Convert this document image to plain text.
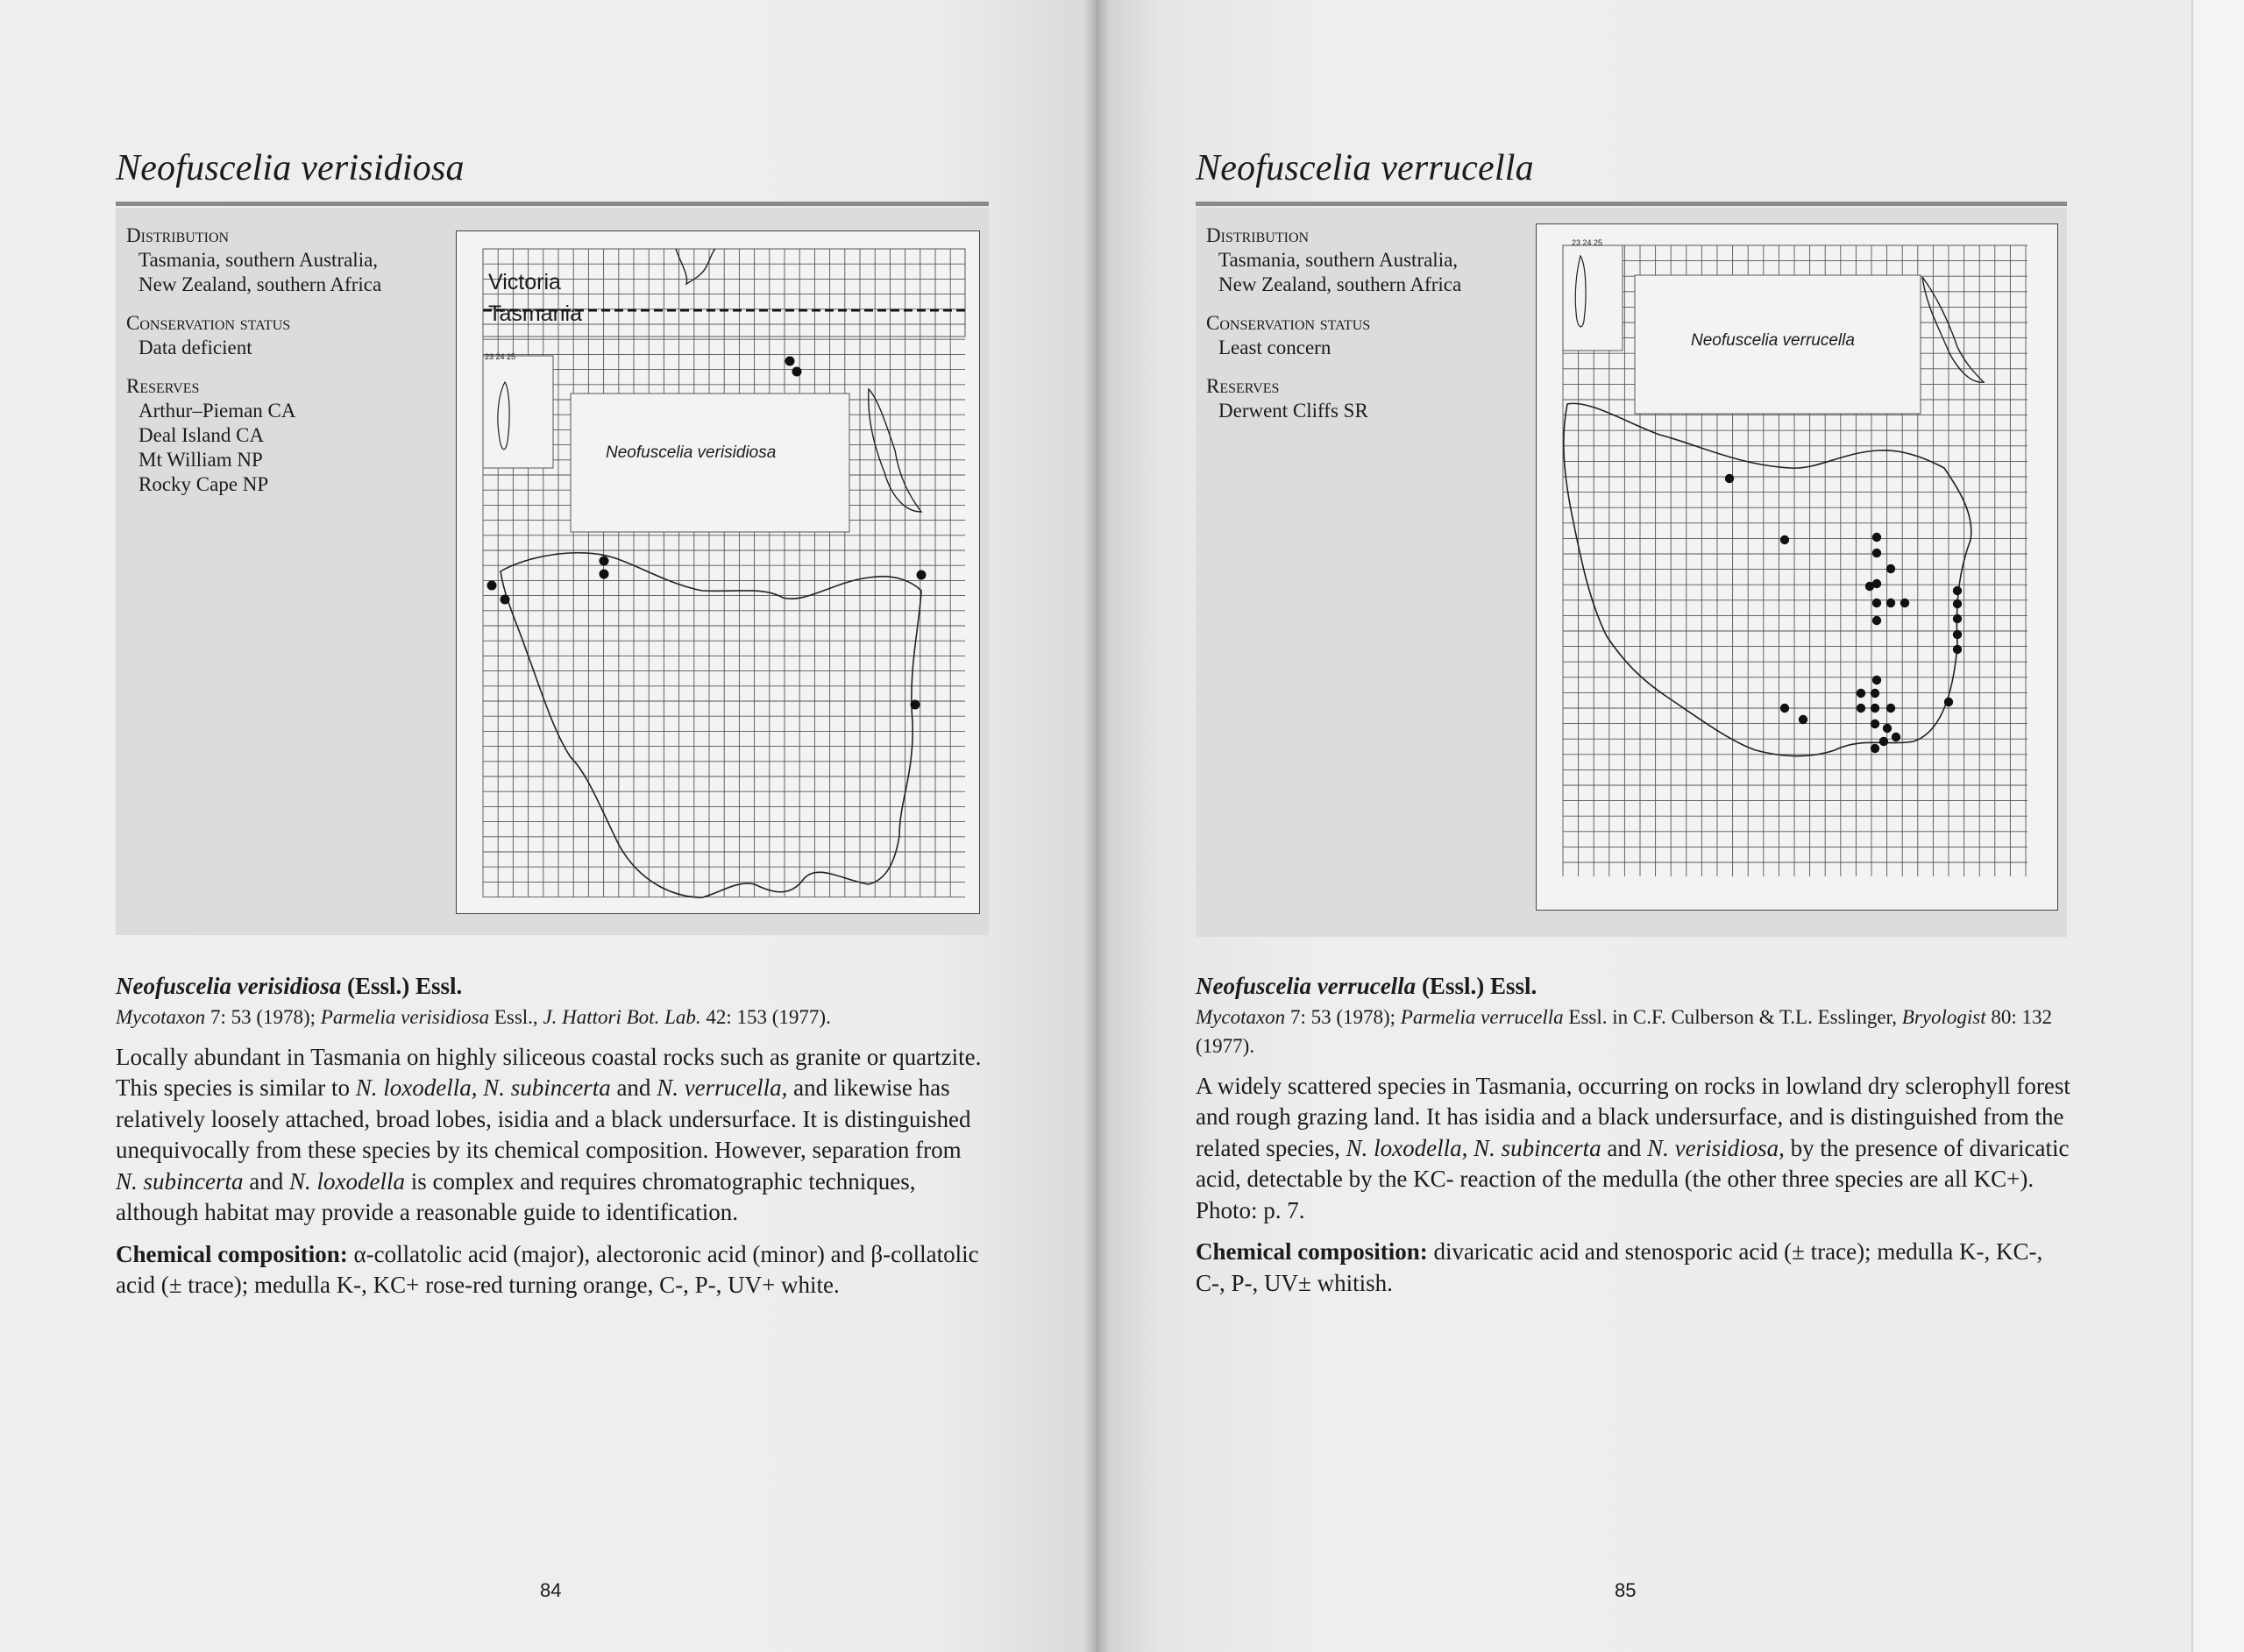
Neofuscelia verisidiosa
Distribution
Tasmania, southern Australia,
New Zealand, southern Africa
Conservation status
Data deficient
Reserves
Arthur–Pieman CA
Deal Island CA
Mt William NP
Rocky Cape NP
Victoria
Tasmania
Neofuscelia verisidiosa
23 24 25
Neofuscelia verisidiosa (Essl.) Essl.
Mycotaxon 7: 53 (1978); Parmelia verisidiosa Essl., J. Hattori Bot. Lab. 42: 153 (1977).
Locally abundant in Tasmania on highly siliceous coastal rocks such as granite or quartzite. This species is similar to N. loxodella, N. subincerta and N. verrucella, and likewise has relatively loosely attached, broad lobes, isidia and a black undersurface. It is distinguished unequivocally from these species by its chemical composition. However, separation from N. subincerta and N. loxodella is complex and requires chromatographic techniques, although habitat may provide a reasonable guide to identification.
Chemical composition: α-collatolic acid (major), alectoronic acid (minor) and β-collatolic acid (± trace); medulla K-, KC+ rose-red turning orange, C-, P-, UV+ white.
84
Neofuscelia verrucella
Distribution
Tasmania, southern Australia,
New Zealand, southern Africa
Conservation status
Least concern
Reserves
Derwent Cliffs SR
Neofuscelia verrucella
23 24 25
Neofuscelia verrucella (Essl.) Essl.
Mycotaxon 7: 53 (1978); Parmelia verrucella Essl. in C.F. Culberson & T.L. Esslinger, Bryologist 80: 132 (1977).
A widely scattered species in Tasmania, occurring on rocks in lowland dry sclerophyll forest and rough grazing land. It has isidia and a black undersurface, and is distinguished from the related species, N. loxodella, N. subincerta and N. verisidiosa, by the presence of divaricatic acid, detectable by the KC- reaction of the medulla (the other three species are all KC+). Photo: p. 7.
Chemical composition: divaricatic acid and stenosporic acid (± trace); medulla K-, KC-, C-, P-, UV± whitish.
85
